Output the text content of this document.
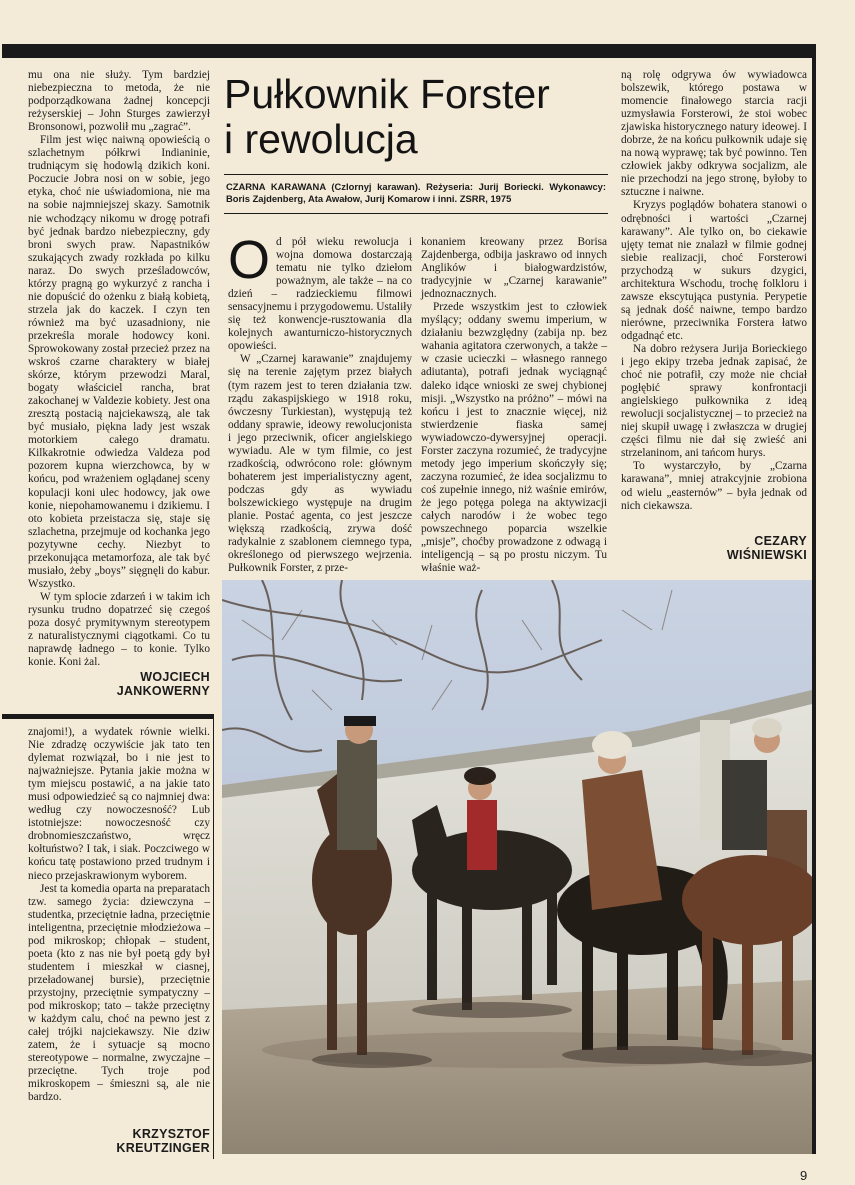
mu ona nie służy. Tym bardziej niebezpieczna to metoda, że nie podporządkowana żadnej koncepcji reżyserskiej – John Sturges zawierzył Bronsonowi, pozwolił mu „zagrać”.

Film jest więc naiwną opowieścią o szlachetnym półkrwi Indianinie, trudniącym się hodowlą dzikich koni. Poczucie Jobra nosi on w sobie, jego etyka, choć nie uświadomiona, nie ma na sobie najmniejszej skazy. Samotnik nie wchodzący nikomu w drogę potrafi być jednak bardzo niebezpieczny, gdy broni swych praw. Napastników szukających zwady rozkłada po kilku naraz. Do swych prześladowców, którzy pragną go wykurzyć z rancha i nie dopuścić do ożenku z białą kobietą, strzela jak do kaczek. I czyn ten również ma być uzasadniony, nie przekreśla morale hodowcy koni. Sprowokowany został przecież przez na wskroś czarne charaktery w białej skórze, którym przewodzi Maral, bogaty właściciel rancha, brat zakochanej w Valdezie kobiety. Jest ona zresztą postacią najciekawszą, ale tak być musiało, piękna lady jest wszak motorkiem całego dramatu. Kilkakrotnie odwiedza Valdeza pod pozorem kupna wierzchowca, by w końcu, pod wrażeniem oglądanej sceny kopulacji koni ulec hodowcy, jak owe konie, niepohamowanemu i dzikiemu. I oto kobieta przeistacza się, staje się szlachetna, przejmuje od kochanka jego pozytywne cechy. Niezbyt to przekonująca metamorfoza, ale tak być musiało, żeby „boys” sięgnęli do kabur. Wszystko.

W tym splocie zdarzeń i w takim ich rysunku trudno dopatrzeć się czegoś poza dosyć prymitywnym stereotypem z naturalistycznymi ciągotkami. Co tu naprawdę ładnego – to konie. Tylko konie. Koni żal.

WOJCIECH
JANKOWERNY

znajomi!), a wydatek równie wielki. Nie zdradzę oczywiście jak tato ten dylemat rozwiązał, bo i nie jest to najważniejsze. Pytania jakie można w tym miejscu postawić, a na jakie tato musi odpowiedzieć są co najmniej dwa: według czy nowoczesność? Lub istotniejsze: nowoczesność czy drobnomieszczaństwo, wręcz kołtuństwo? I tak, i siak. Poczciwego w końcu tatę postawiono przed trudnym i nieco przejaskrawionym wyborem.

Jest ta komedia oparta na preparatach tzw. samego życia: dziewczyna – studentka, przeciętnie ładna, przeciętnie inteligentna, przeciętnie młodzieżowa – pod mikroskop; chłopak – student, poeta (kto z nas nie był poetą gdy był studentem i mieszkał w ciasnej, przeładowanej bursie), przeciętnie przystojny, przeciętnie sympatyczny – pod mikroskop; tato – także przeciętny w każdym calu, choć na pewno jest z całej trójki najciekawszy. Nie dziw zatem, że i sytuacje są mocno stereotypowe – normalne, zwyczajne – przeciętne. Tych troje pod mikroskopem – śmieszni są, ale nie bardzo.

KRZYSZTOF
KREUTZINGER
Pułkownik Forster
i rewolucja
CZARNA KARAWANA (CzIornyj karawan). Reżyseria: Jurij Boriecki. Wykonawcy: Boris Zajdenberg, Ata Awałow, Jurij Komarow i inni. ZSRR, 1975
O d pół wieku rewolucja i wojna domowa dostarczają tematu nie tylko dziełom poważnym, ale także – na co dzień – radzieckiemu filmowi sensacyjnemu i przygodowemu. Ustaliły się też konwencje-rusztowania dla kolejnych awanturniczo-historycznych opowieści.

W „Czarnej karawanie” znajdujemy się na terenie zajętym przez białych (tym razem jest to teren działania tzw. rządu zakaspijskiego w 1918 roku, ówczesny Turkiestan), występują też oddany sprawie, ideowy rewolucjonista i jego przeciwnik, oficer angielskiego wywiadu. Ale w tym filmie, co jest rzadkością, odwrócono role: głównym bohaterem jest imperialistyczny agent, podczas gdy as wywiadu bolszewickiego występuje na drugim planie. Postać agenta, co jest jeszcze większą rzadkością, zrywa dość radykalnie z szablonem ciemnego typa, określonego od pierwszego wejrzenia. Pułkownik Forster, z prze-

konaniem kreowany przez Borisa Zajdenberga, odbija jaskrawo od innych Anglików i białogwardzistów, tradycyjnie w „Czarnej karawanie” jednoznacznych.

Przede wszystkim jest to człowiek myślący; oddany swemu imperium, w działaniu bezwzględny (zabija np. bez wahania agitatora czerwonych, a także – w czasie ucieczki – własnego rannego adiutanta), potrafi jednak wyciągnąć daleko idące wnioski ze swej chybionej misji. „Wszystko na próżno” – mówi na końcu i jest to znacznie więcej, niż stwierdzenie fiaska samej wywiadowczo-dywersyjnej operacji. Forster zaczyna rozumieć, że tradycyjne metody jego imperium skończyły się; zaczyna rozumieć, że idea socjalizmu to coś zupełnie innego, niż waśnie emirów, że jego potęga polega na aktywizacji całych narodów i że wobec tego powszechnego poparcia wszelkie „misje”, choćby prowadzone z odwagą i inteligencją – są po prostu niczym. Tu właśnie waż-

ną rolę odgrywa ów wywiadowca bolszewik, którego postawa w momencie finałowego starcia racji uzmysławia Forsterowi, że stoi wobec zjawiska historycznego natury ideowej. I dobrze, że na końcu pułkownik udaje się na nową wyprawę; tak być powinno. Ten człowiek jakby odkrywa socjalizm, ale nie przechodzi na jego stronę, byłoby to sztuczne i naiwne.

Kryzys poglądów bohatera stanowi o odrębności i wartości „Czarnej karawany”. Ale tylko on, bo ciekawie ujęty temat nie znalazł w filmie godnej siebie realizacji, choć Forsterowi przychodzą w sukurs dzygici, architektura Wschodu, trochę folkloru i zawsze ekscytująca pustynia. Perypetie są jednak dość naiwne, tempo bardzo nierówne, przeciwnika Forstera łatwo odgadnąć etc.

Na dobro reżysera Jurija Borieckiego i jego ekipy trzeba jednak zapisać, że choć nie potrafił, czy może nie chciał pogłębić sprawy konfrontacji angielskiego pułkownika z ideą rewolucji socjalistycznej – to przecież na niej skupił uwagę i zwłaszcza w drugiej części filmu nie dał się zwieść ani strzelaninom, ani tańcom hurys.

To wystarczyło, by „Czarna karawana”, mniej atrakcyjnie zrobiona od wielu „easternów” – była jednak od nich ciekawsza.

CEZARY
WIŚNIEWSKI
9
